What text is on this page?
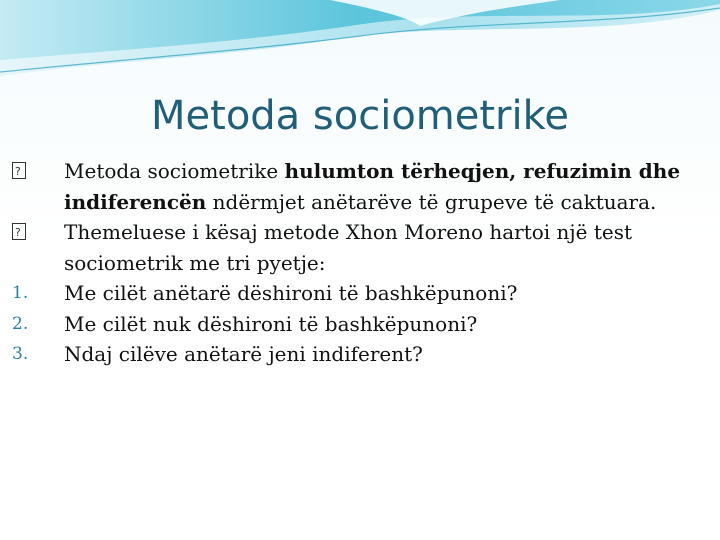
Metoda sociometrike

?
Metoda sociometrike hulumton tërheqjen, refuzimin dhe indiferencën ndërmjet anëtarëve të grupeve të caktuara.

?
Themeluese i kësaj metode Xhon Moreno hartoi një test sociometrik me tri pyetje:

1.	Me cilët anëtarë dëshironi të bashkëpunoni?

2.	Me cilët nuk dëshironi të bashkëpunoni?

3.	Ndaj cilëve anëtarë jeni indiferent?
